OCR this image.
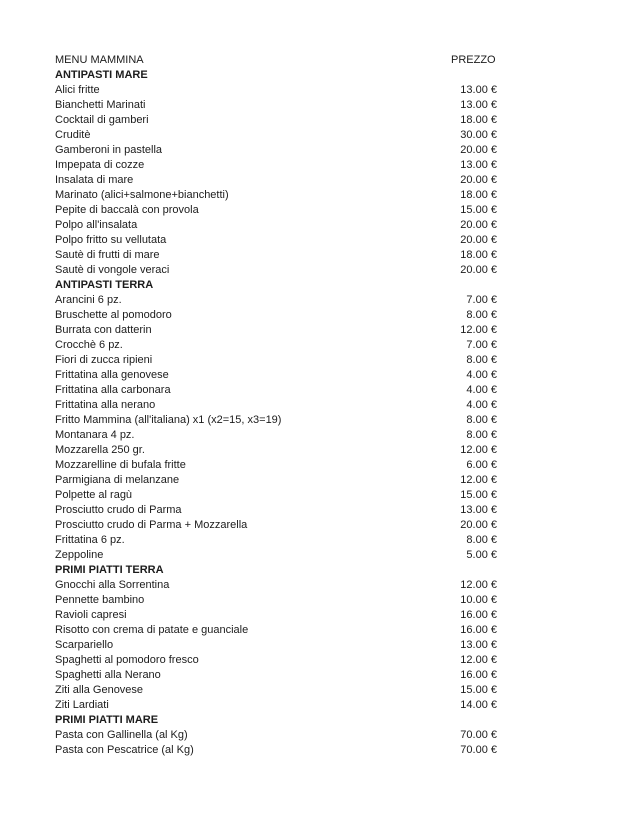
MENU MAMMINA	PREZZO
ANTIPASTI MARE
Alici fritte	13.00 €
Bianchetti Marinati	13.00 €
Cocktail di gamberi	18.00 €
Cruditè	30.00 €
Gamberoni in pastella	20.00 €
Impepata di cozze	13.00 €
Insalata di mare	20.00 €
Marinato (alici+salmone+bianchetti)	18.00 €
Pepite di baccalà con provola	15.00 €
Polpo all'insalata	20.00 €
Polpo fritto su vellutata	20.00 €
Sautè di frutti di mare	18.00 €
Sautè di vongole veraci	20.00 €
ANTIPASTI TERRA
Arancini 6 pz.	7.00 €
Bruschette al pomodoro	8.00 €
Burrata con datterin	12.00 €
Crocchè 6 pz.	7.00 €
Fiori di zucca ripieni	8.00 €
Frittatina alla genovese	4.00 €
Frittatina alla carbonara	4.00 €
Frittatina alla nerano	4.00 €
Fritto Mammina (all'italiana) x1 (x2=15, x3=19)	8.00 €
Montanara 4 pz.	8.00 €
Mozzarella 250 gr.	12.00 €
Mozzarelline di bufala fritte	6.00 €
Parmigiana di melanzane	12.00 €
Polpette al ragù	15.00 €
Prosciutto crudo di Parma	13.00 €
Prosciutto crudo di Parma + Mozzarella	20.00 €
Frittatina 6 pz.	8.00 €
Zeppoline	5.00 €
PRIMI PIATTI TERRA
Gnocchi alla Sorrentina	12.00 €
Pennette bambino	10.00 €
Ravioli capresi	16.00 €
Risotto con crema di patate e guanciale	16.00 €
Scarpariello	13.00 €
Spaghetti al pomodoro fresco	12.00 €
Spaghetti alla Nerano	16.00 €
Ziti alla Genovese	15.00 €
Ziti Lardiati	14.00 €
PRIMI PIATTI MARE
Pasta con Gallinella (al Kg)	70.00 €
Pasta con Pescatrice (al Kg)	70.00 €
